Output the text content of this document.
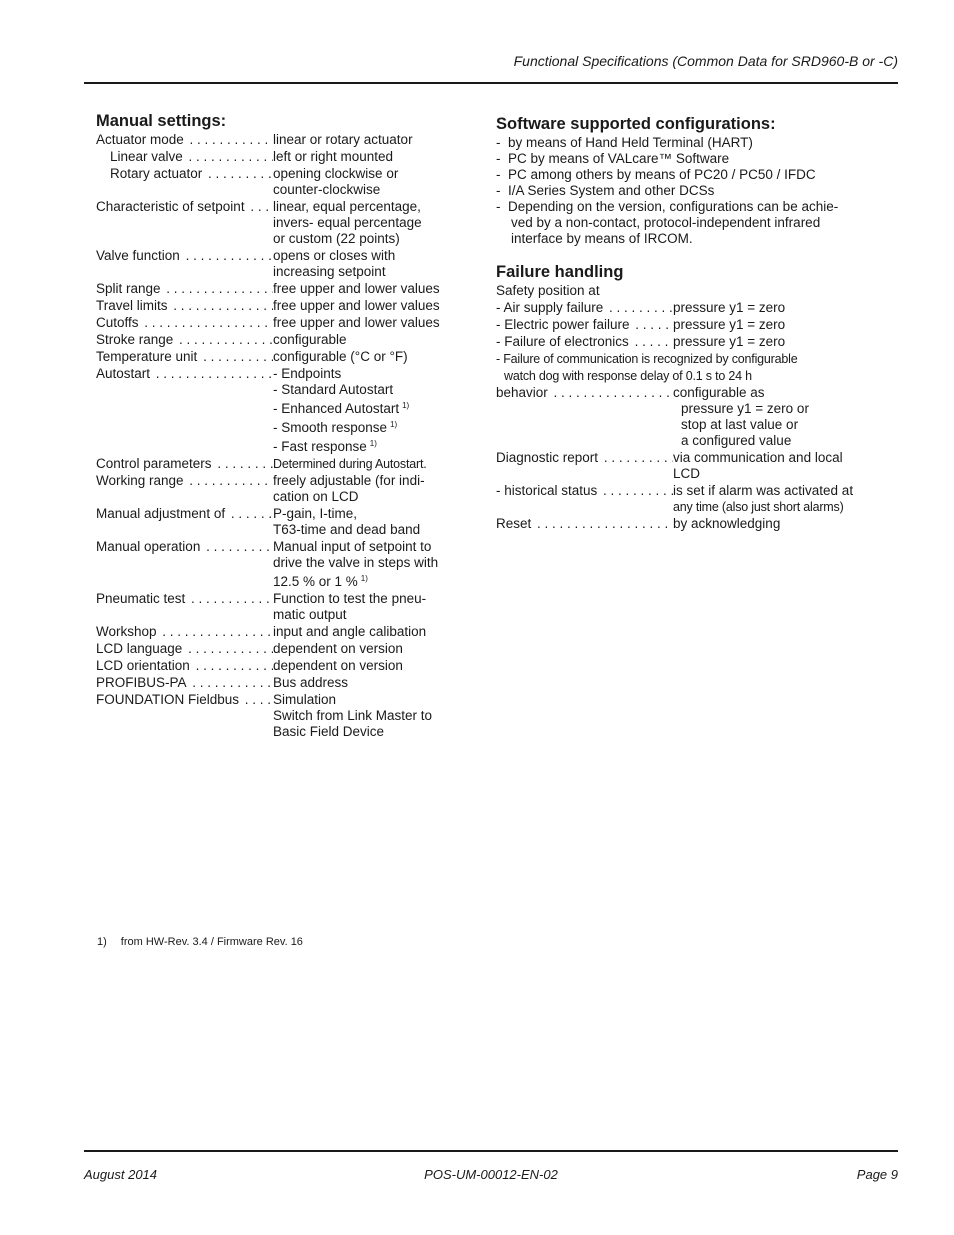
Functional Specifications (Common Data for SRD960-B or -C)
Manual settings:
Actuator mode . . .	linear or rotary actuator
Linear valve . . .	left or right mounted
Rotary actuator . . .	opening clockwise or
counter-clockwise
Characteristic of setpoint . . .	linear, equal percentage,
invers- equal percentage
or custom (22 points)
Valve function . . .	opens or closes with
increasing setpoint
Split range . . .	free upper and lower values
Travel limits . . .	free upper and lower values
Cutoffs . . .	free upper and lower values
Stroke range . . .	configurable
Temperature unit . . .	configurable (°C or °F)
Autostart . . .	- Endpoints
- Standard Autostart
- Enhanced Autostart $^{1)}$
- Smooth response $^{1)}$
- Fast response $^{1)}$
Control parameters . . .	Determined during Autostart.
Working range . . .	freely adjustable (for indi-
cation on LCD
Manual adjustment of . . .	P-gain, I-time,
T63-time and dead band
Manual operation . . .	Manual input of setpoint to
drive the valve in steps with
12.5 % or 1 % $^{1)}$
Pneumatic test . . .	Function to test the pneu-
matic output
Workshop . . .	input and angle calibation
LCD language . . .	dependent on version
LCD orientation . . .	dependent on version
PROFIBUS-PA . . .	Bus address
FOUNDATION Fieldbus . . .	Simulation
Switch from Link Master to
Basic Field Device
Software supported configurations:
- by means of Hand Held Terminal (HART)
- PC by means of VALcare™ Software
- PC among others by means of PC20 / PC50 / IFDC
- I/A Series System and other DCSs
- Depending on the version, configurations can be achie-
ved by a non-contact, protocol-independent infrared
interface by means of IRCOM.
Failure handling
Safety position at
- Air supply failure . . .	pressure y1 = zero
- Electric power failure . . .	pressure y1 = zero
- Failure of electronics . . .	pressure y1 = zero
- Failure of communication is recognized by configurable
watch dog with response delay of 0.1 s to 24 h
behavior . . .	configurable as
pressure y1 = zero or
stop at last value or
a configured value
Diagnostic report . . .	via communication and local
LCD
- historical status . . .	is set if alarm was activated at
any time (also just short alarms)
Reset . . .	by acknowledging
1) from HW-Rev. 3.4 / Firmware Rev. 16
August 2014	POS-UM-00012-EN-02	Page 9
